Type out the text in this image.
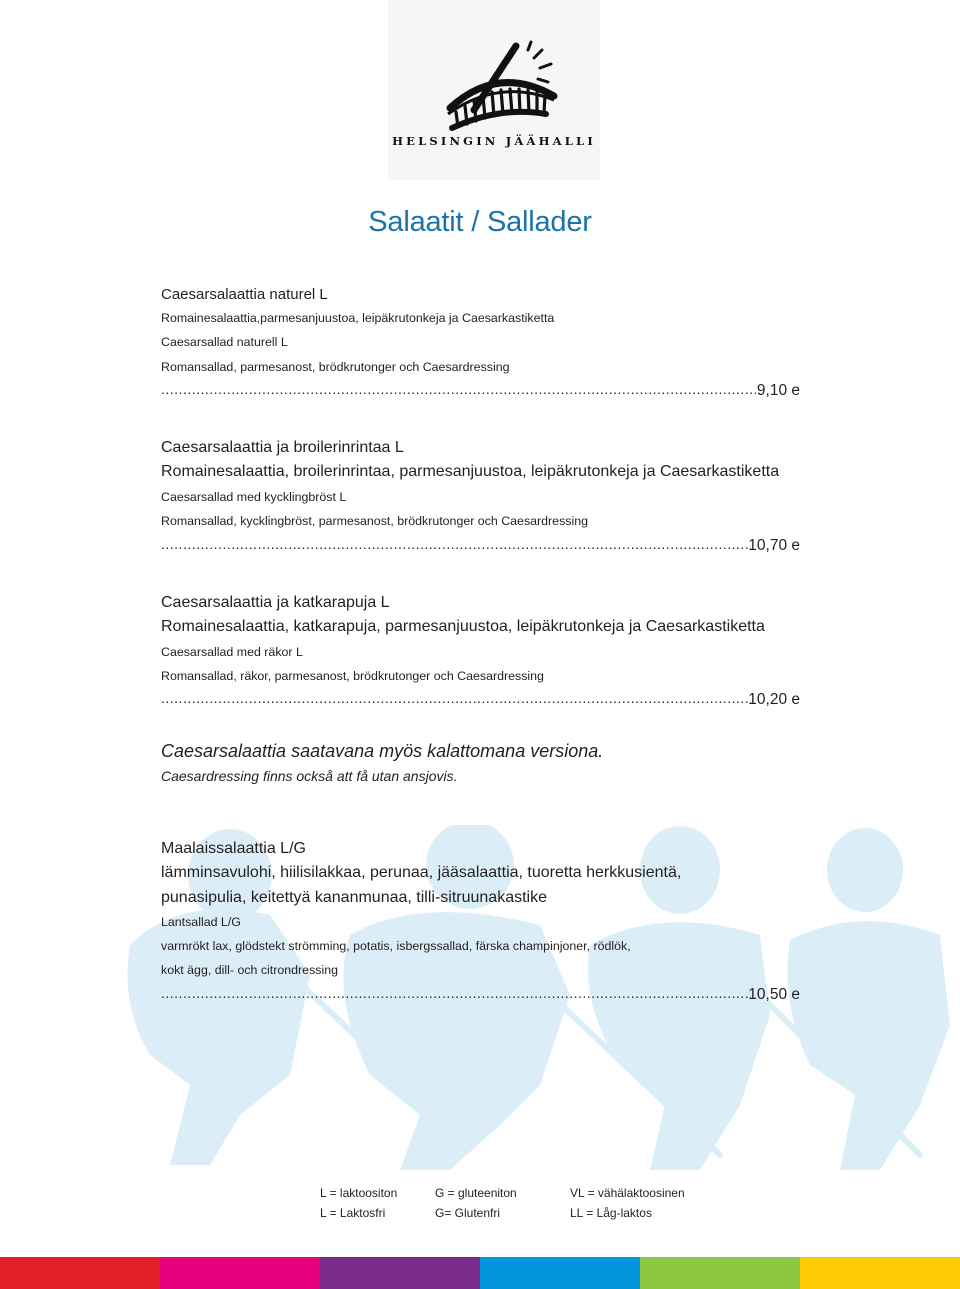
HELSINGIN JÄÄHALLI
Salaatit / Sallader
Caesarsalaattia naturel L
Romainesalaattia,parmesanjuustoa, leipäkrutonkeja ja Caesarkastiketta
Caesarsallad naturell L
Romansallad, parmesanost, brödkrutonger och Caesardressing
.....
9,10 e
Caesarsalaattia ja broilerinrintaa L
Romainesalaattia, broilerinrintaa, parmesanjuustoa, leipäkrutonkeja ja Caesarkastiketta
Caesarsallad med kycklingbröst L
Romansallad, kycklingbröst, parmesanost, brödkrutonger och Caesardressing
.....
10,70 e
Caesarsalaattia ja katkarapuja L
Romainesalaattia, katkarapuja, parmesanjuustoa, leipäkrutonkeja ja Caesarkastiketta
Caesarsallad med räkor L
Romansallad, räkor, parmesanost, brödkrutonger och Caesardressing
.....
10,20 e
Caesarsalaattia saatavana myös kalattomana versiona.
Caesardressing finns också att få utan ansjovis.
Maalaissalaattia L/G
lämminsavulohi, hiilisilakkaa, perunaa, jääsalaattia, tuoretta herkkusientä,
punasipulia, keitettyä kananmunaa, tilli-sitruunakastike
Lantsallad L/G
varmrökt lax, glödstekt strömming, potatis, isbergssallad, färska champinjoner, rödlök,
kokt ägg, dill- och citrondressing
.....
10,50 e
L = laktoositon
L = Laktosfri
G = gluteeniton
G= Glutenfri
VL = vähälaktoosinen
LL = Låg-laktos
